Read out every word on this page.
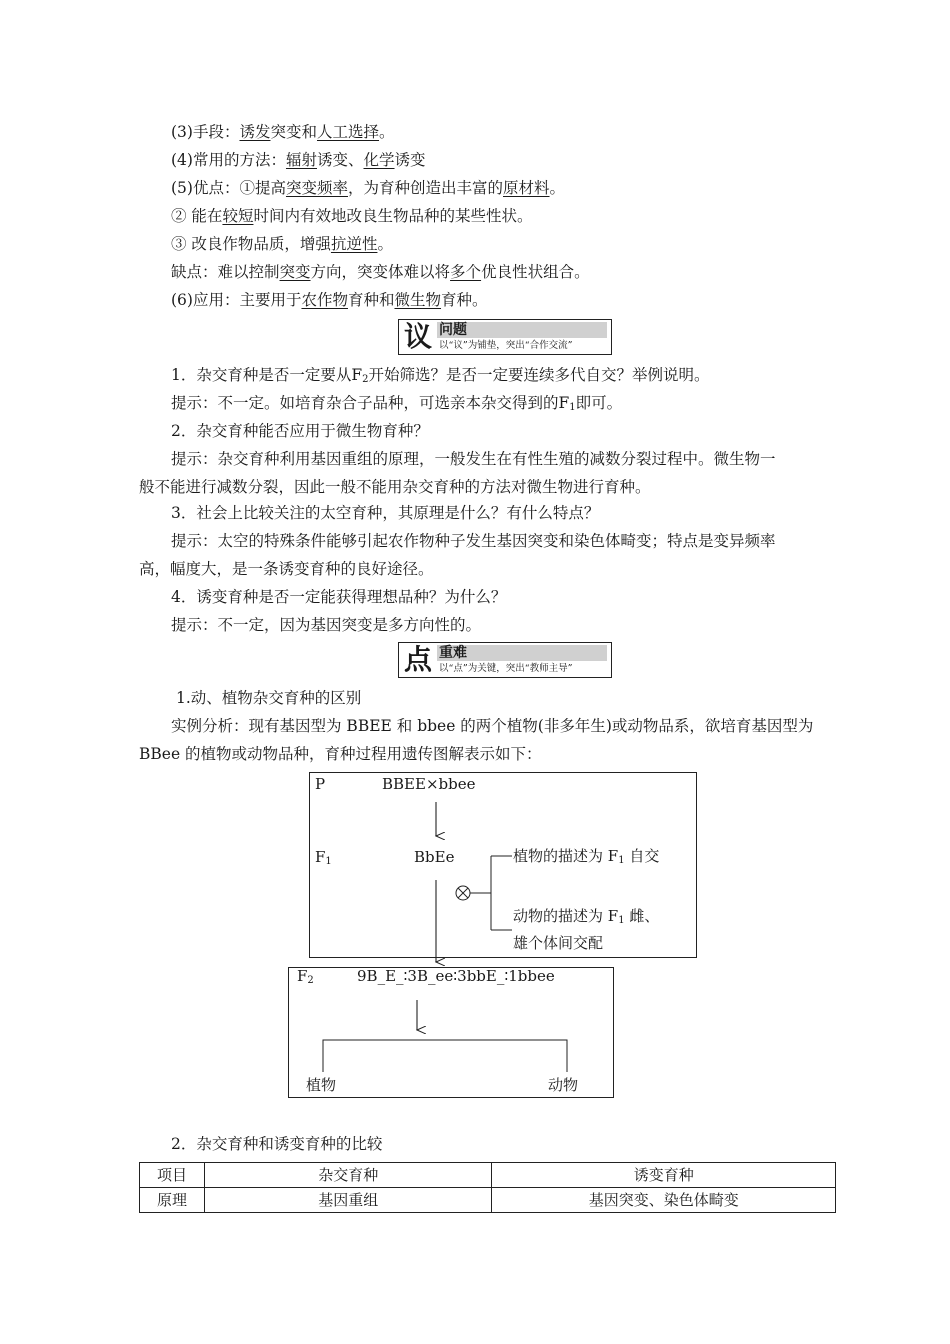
(3)手段：诱发突变和人工选择。
(4)常用的方法：辐射诱变、化学诱变
(5)优点：①提高突变频率，为育种创造出丰富的原材料。
② 能在较短时间内有效地改良生物品种的某些性状。
③ 改良作物品质，增强抗逆性。
缺点：难以控制突变方向，突变体难以将多个优良性状组合。
(6)应用：主要用于农作物育种和微生物育种。
议 问题
以“议”为铺垫，突出“合作交流”
1．杂交育种是否一定要从$F_2$开始筛选？是否一定要连续多代自交？举例说明。
提示：不一定。如培育杂合子品种，可选亲本杂交得到的$F_1$即可。
2．杂交育种能否应用于微生物育种？
提示：杂交育种利用基因重组的原理，一般发生在有性生殖的减数分裂过程中。微生物一
般不能进行减数分裂，因此一般不能用杂交育种的方法对微生物进行育种。
3．社会上比较关注的太空育种，其原理是什么？有什么特点？
提示：太空的特殊条件能够引起农作物种子发生基因突变和染色体畸变；特点是变异频率
高，幅度大，是一条诱变育种的良好途径。
4．诱变育种是否一定能获得理想品种？为什么？
提示：不一定，因为基因突变是多方向性的。
点 重难
以“点”为关键，突出“教师主导”
1.动、植物杂交育种的区别
实例分析：现有基因型为 BBEE 和 bbee 的两个植物(非多年生)或动物品系，欲培育基因型为
BBee 的植物或动物品种，育种过程用遗传图解表示如下：
P	BBEE×bbee
$F_1$	BbEe	植物的描述为 $F_1$ 自交
动物的描述为 $F_1$ 雌、
雄个体间交配
$F_2$	9B_E_∶3B_ee∶3bbE_∶1bbee
植物	动物
2．杂交育种和诱变育种的比较
项目	杂交育种	诱变育种
原理	基因重组	基因突变、染色体畸变
